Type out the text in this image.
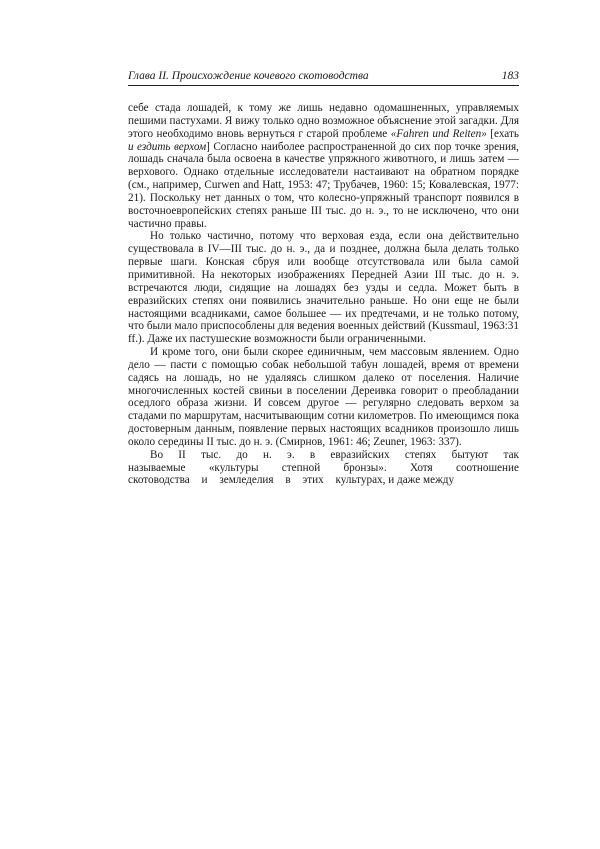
Глава II. Происхождение кочевого скотоводства	183

себе стада лошадей, к тому же лишь недавно одомашненных, управляемых пешими пастухами. Я вижу только одно возможное объяснение этой загадки. Для этого необходимо вновь вернуться г старой проблеме «Fahren und Reiten» [ехать и ездить верхом] Согласно наиболее распространенной до сих пор точке зрения, лошадь сначала была освоена в качестве упряжного животного, и лишь затем — верхового. Однако отдельные исследователи настаивают на обратном порядке (см., например, Curwen and Hatt, 1953: 47; Трубачев, 1960: 15; Ковалевская, 1977: 21). Поскольку нет данных о том, что колесно-упряжный транспорт появился в восточноевропейских степях раньше III тыс. до н. э., то не исключено, что они частично правы.

Но только частично, потому что верховая езда, если она действительно существовала в IV—III тыс. до н. э., да и позднее, должна была делать только первые шаги. Конская сбруя или вообще отсутствовала или была самой примитивной. На некоторых изображениях Передней Азии III тыс. до н. э. встречаются люди, сидящие на лошадях без узды и седла. Может быть в евразийских степях они появились значительно раньше. Но они еще не были настоящими всадниками, самое большее — их предтечами, и не только потому, что были мало приспособлены для ведения военных действий (Kussmaul, 1963:31 ff.). Даже их пастушеские возможности были ограниченными.

И кроме того, они были скорее единичным, чем массовым явлением. Одно дело — пасти с помощью собак небольшой табун лошадей, время от времени садясь на лошадь, но не удаляясь слишком далеко от поселения. Наличие многочисленных костей свиньи в поселении Дереивка говорит о преобладании оседлого образа жизни. И совсем другое — регулярно следовать верхом за стадами по маршрутам, насчитывающим сотни километров. По имеющимся пока достоверным данным, появление первых настоящих всадников произошло лишь около середины II тыс. до н. э. (Смирнов, 1961: 46; Zeuner, 1963: 337).

Во II тыс. до н. э. в евразийских степях бытуют так называемые «культуры степной бронзы». Хотя соотношение скотоводства и земледелия в этих культурах, и даже между
